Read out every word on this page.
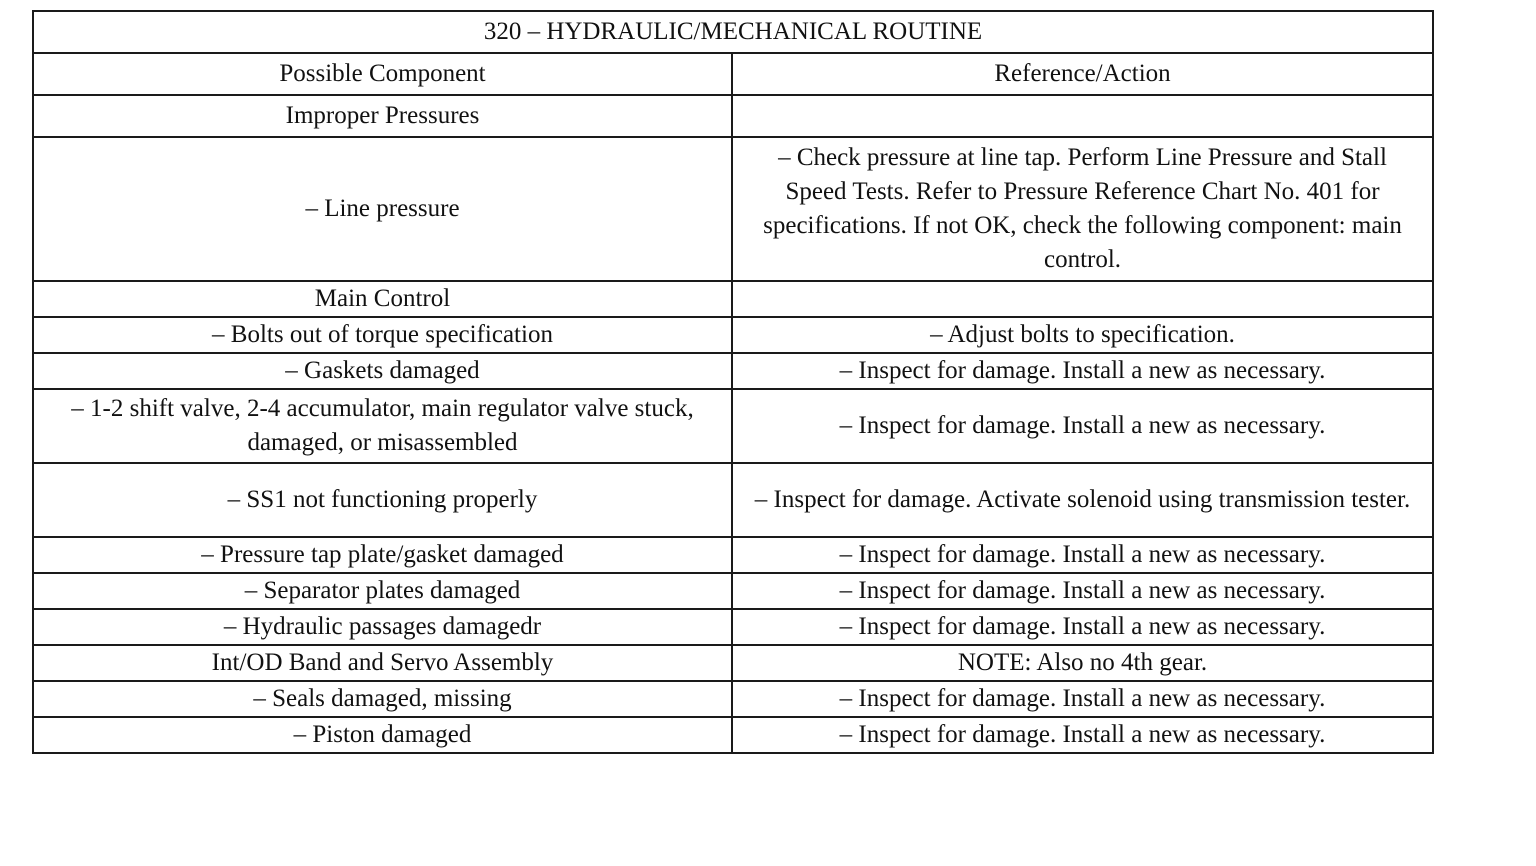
320 – HYDRAULIC/MECHANICAL ROUTINE	
Possible Component	Reference/Action
Improper Pressures	
– Line pressure	– Check pressure at line tap. Perform Line Pressure and Stall Speed Tests. Refer to Pressure Reference Chart No. 401 for specifications. If not OK, check the following component: main control.
Main Control	
– Bolts out of torque specification	– Adjust bolts to specification.
– Gaskets damaged	– Inspect for damage. Install a new as necessary.
– 1-2 shift valve, 2-4 accumulator, main regulator valve stuck, damaged, or misassembled	– Inspect for damage. Install a new as necessary.
– SS1 not functioning properly	– Inspect for damage. Activate solenoid using transmission tester.
– Pressure tap plate/gasket damaged	– Inspect for damage. Install a new as necessary.
– Separator plates damaged	– Inspect for damage. Install a new as necessary.
– Hydraulic passages damagedr	– Inspect for damage. Install a new as necessary.
Int/OD Band and Servo Assembly	NOTE: Also no 4th gear.
– Seals damaged, missing	– Inspect for damage. Install a new as necessary.
– Piston damaged	– Inspect for damage. Install a new as necessary.
